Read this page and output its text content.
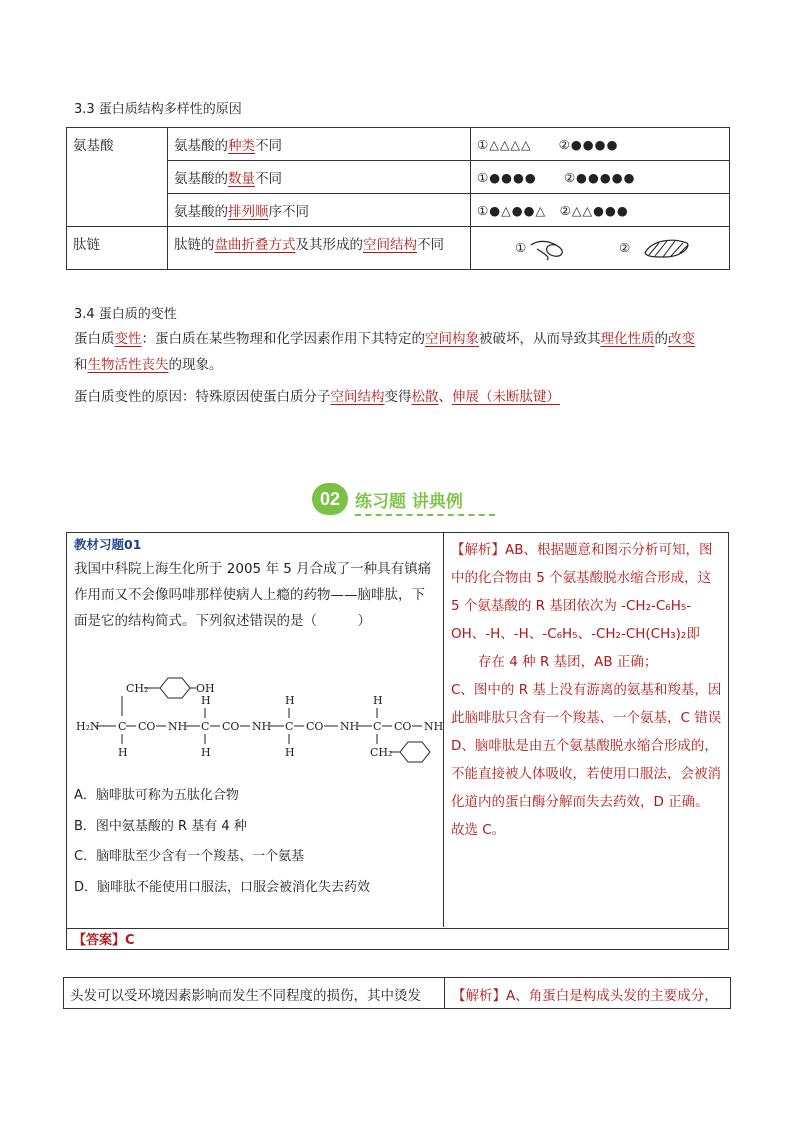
3.3 蛋白质结构多样性的原因
氨基酸	氨基酸的种类不同	①△△△△　　②●●●●
	氨基酸的数量不同	①●●●●　　②●●●●●
	氨基酸的排列顺序不同	①●△●●△　②△△●●●
肽链	肽链的盘曲折叠方式及其形成的空间结构不同	① ②
3.4 蛋白质的变性
蛋白质变性：蛋白质在某些物理和化学因素作用下其特定的空间构象被破坏，从而导致其理化性质的改变
和生物活性丧失的现象。
蛋白质变性的原因：特殊原因使蛋白质分子空间结构变得松散、伸展（未断肽键）
02 练习题 讲典例
【答案】C
教材习题01
我国中科院上海生化所于 2005 年 5 月合成了一种具有镇痛作用而又不会像吗啡那样使病人上瘾的药物——脑啡肽，下面是它的结构简式。下列叙述错误的是（　　　）
CH₂	OH
H₂N C CO NH C CO NH C CO NH C CO NH
H
H
H
H
H
H
CH₂
A．脑啡肽可称为五肽化合物
B．图中氨基酸的 R 基有 4 种
C．脑啡肽至少含有一个羧基、一个氨基
D．脑啡肽不能使用口服法，口服会被消化失去药效
【解析】AB、根据题意和图示分析可知，图中的化合物由 5 个氨基酸脱水缩合形成，这 5 个氨基酸的 R 基团依次为 -CH₂-C₆H₅-OH、-H、-H、-C₆H₅、-CH₂-CH(CH₃)₂即
　　存在 4 种 R 基团，AB 正确；
C、图中的 R 基上没有游离的氨基和羧基，因此脑啡肽只含有一个羧基、一个氨基，C 错误
D、脑啡肽是由五个氨基酸脱水缩合形成的，不能直接被人体吸收，若使用口服法，会被消化道内的蛋白酶分解而失去药效，D 正确。
故选 C。
头发可以受环境因素影响而发生不同程度的损伤，其中烫发 【解析】A、角蛋白是构成头发的主要成分，
